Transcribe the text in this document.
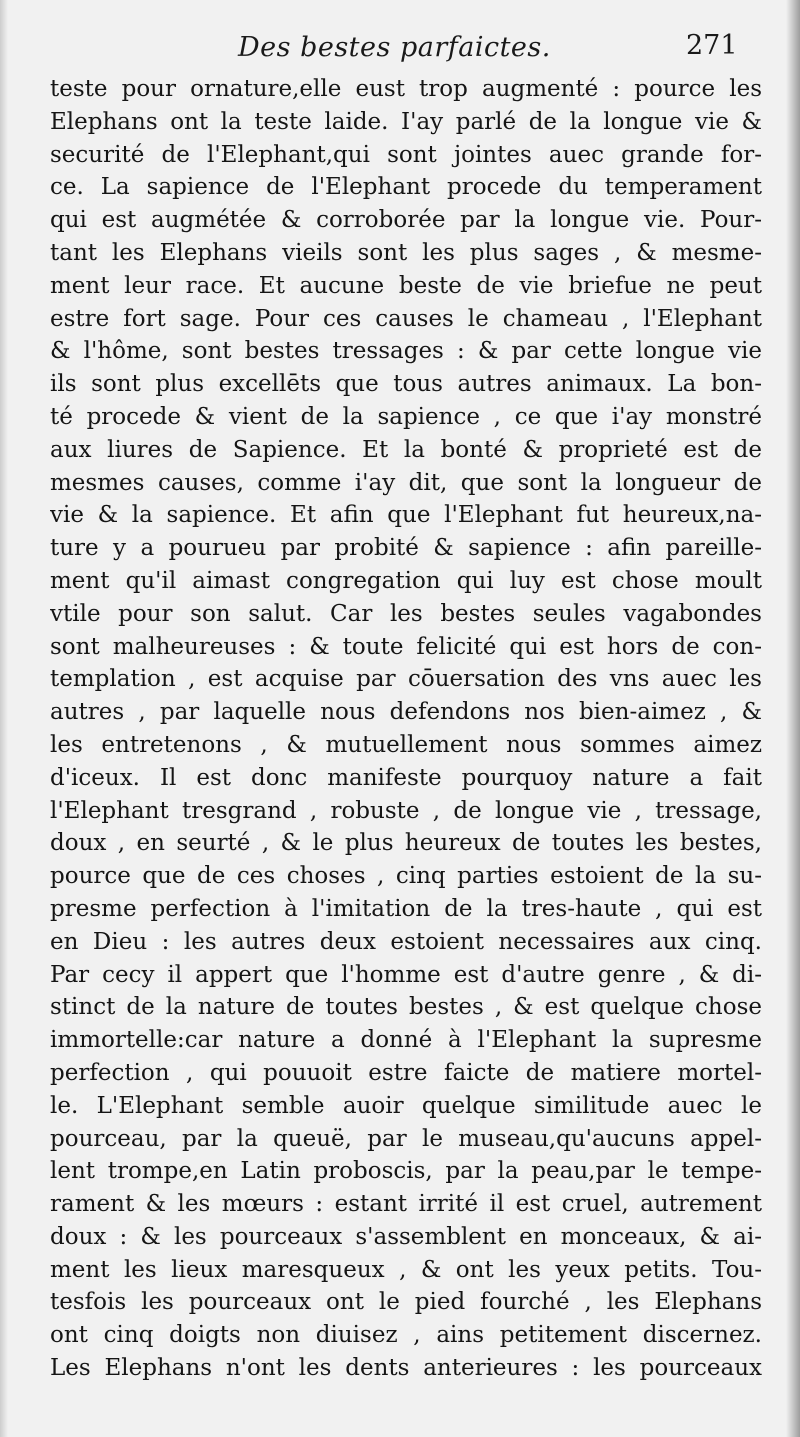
Des bestes parfaictes.	271
teste pour ornature,elle eust trop augmenté : pource les
Elephans ont la teste laide. I'ay parlé de la longue vie &
securité de l'Elephant,qui sont jointes auec grande for-
ce. La sapience de l'Elephant procede du temperament
qui est augmétée & corroborée par la longue vie. Pour-
tant les Elephans vieils sont les plus sages , & mesme-
ment leur race. Et aucune beste de vie briefue ne peut
estre fort sage. Pour ces causes le chameau , l'Elephant
& l'hôme, sont bestes tressages : & par cette longue vie
ils sont plus excellēts que tous autres animaux. La bon-
té procede & vient de la sapience , ce que i'ay monstré
aux liures de Sapience. Et la bonté & proprieté est de
mesmes causes, comme i'ay dit, que sont la longueur de
vie & la sapience. Et afin que l'Elephant fut heureux,na-
ture y a pourueu par probité & sapience : afin pareille-
ment qu'il aimast congregation qui luy est chose moult
vtile pour son salut. Car les bestes seules vagabondes
sont malheureuses : & toute felicité qui est hors de con-
templation , est acquise par cōuersation des vns auec les
autres , par laquelle nous defendons nos bien-aimez , &
les entretenons , & mutuellement nous sommes aimez
d'iceux. Il est donc manifeste pourquoy nature a fait
l'Elephant tresgrand , robuste , de longue vie , tressage,
doux , en seurté , & le plus heureux de toutes les bestes,
pource que de ces choses , cinq parties estoient de la su-
presme perfection à l'imitation de la tres-haute , qui est
en Dieu : les autres deux estoient necessaires aux cinq.
Par cecy il appert que l'homme est d'autre genre , & di-
stinct de la nature de toutes bestes , & est quelque chose
immortelle:car nature a donné à l'Elephant la supresme
perfection , qui pouuoit estre faicte de matiere mortel-
le. L'Elephant semble auoir quelque similitude auec le
pourceau, par la queuë, par le museau,qu'aucuns appel-
lent trompe,en Latin proboscis, par la peau,par le tempe-
rament & les mœurs : estant irrité il est cruel, autrement
doux : & les pourceaux s'assemblent en monceaux, & ai-
ment les lieux maresqueux , & ont les yeux petits. Tou-
tesfois les pourceaux ont le pied fourché , les Elephans
ont cinq doigts non diuisez , ains petitement discernez.
Les Elephans n'ont les dents anterieures : les pourceaux
